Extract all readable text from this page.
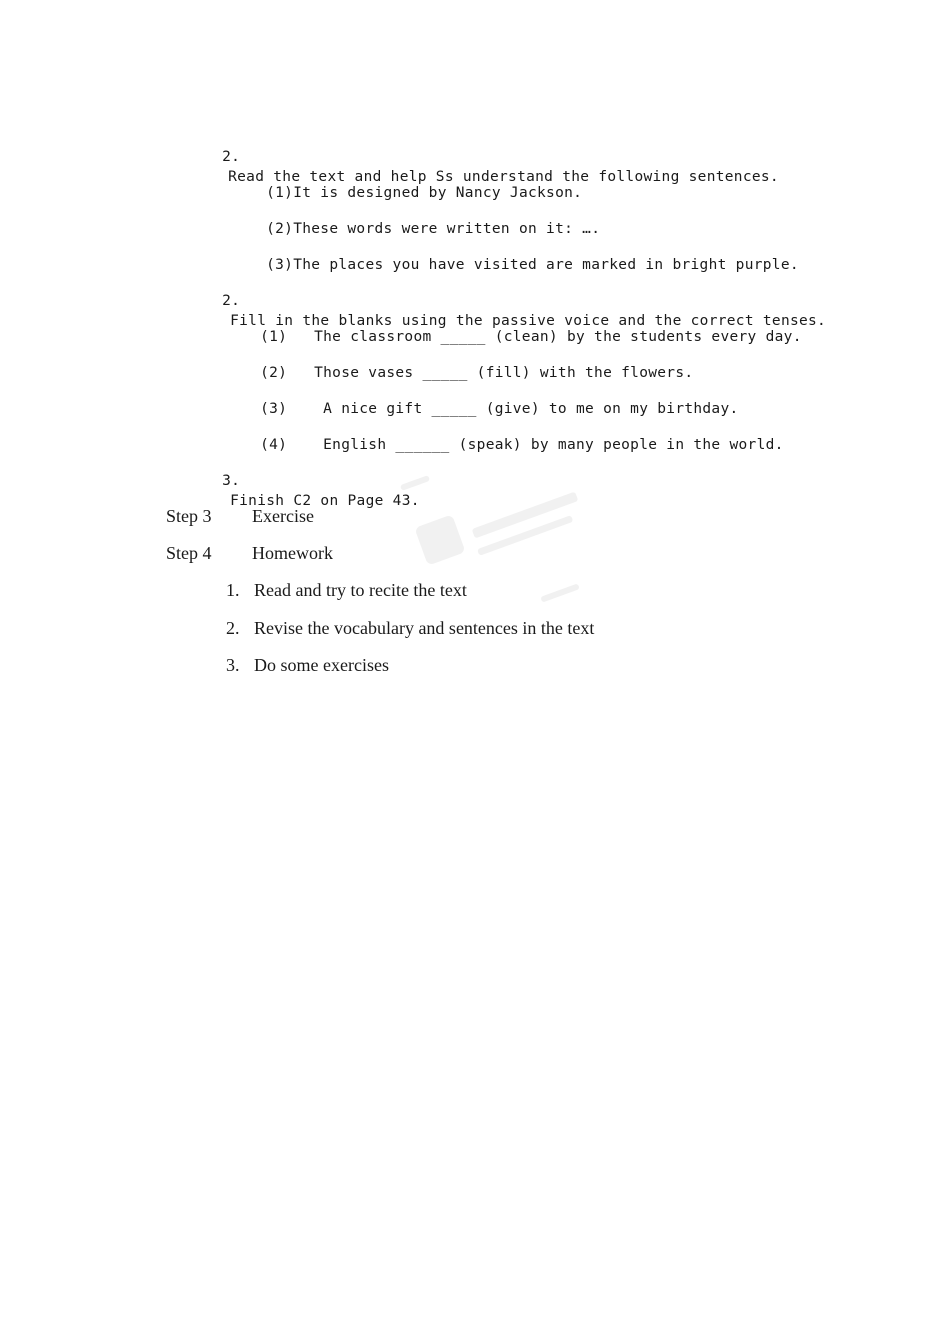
2.
Read the text and help Ss understand the following sentences.

(1)It is designed by Nancy Jackson.

(2)These words were written on it: ….

(3)The places you have visited are marked in bright purple.

2.
Fill in the blanks using the passive voice and the correct tenses.

(1) The classroom _____ (clean) by the students every day.

(2) Those vases _____ (fill) with the flowers.

(3) A nice gift _____ (give) to me on my birthday.

(4) English ______ (speak) by many people in the world.

3.
Finish C2 on Page 43.

Step 3 Exercise

Step 4 Homework

1. Read and try to recite the text

2. Revise the vocabulary and sentences in the text

3. Do some exercises
